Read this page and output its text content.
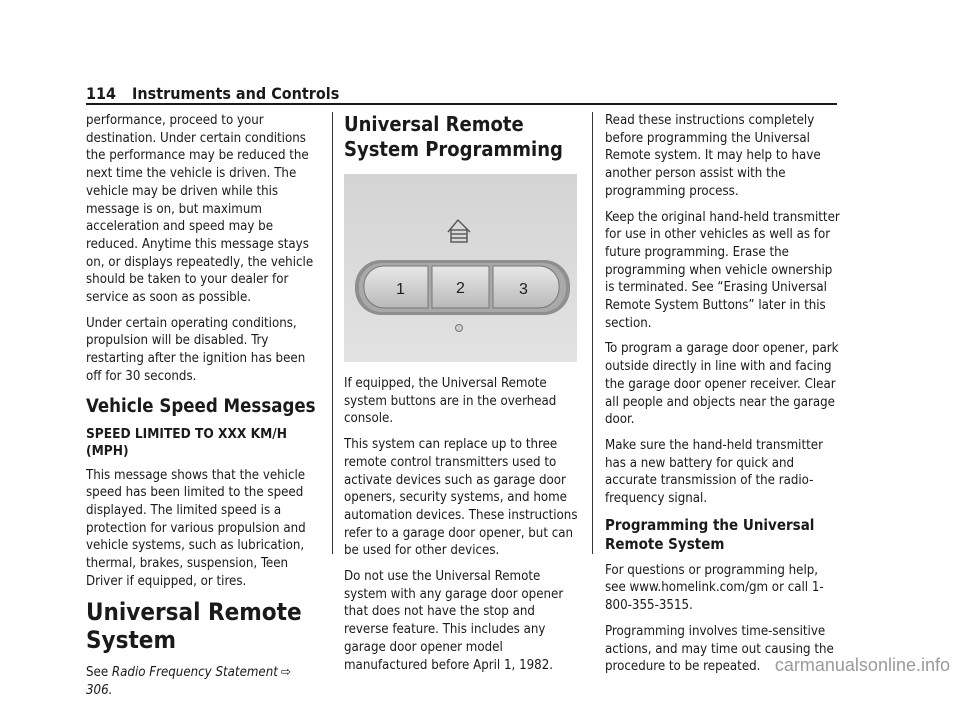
114 Instruments and Controls

performance, proceed to your destination. Under certain conditions the performance may be reduced the next time the vehicle is driven. The vehicle may be driven while this message is on, but maximum acceleration and speed may be reduced. Anytime this message stays on, or displays repeatedly, the vehicle should be taken to your dealer for service as soon as possible.

Under certain operating conditions, propulsion will be disabled. Try restarting after the ignition has been off for 30 seconds.

Vehicle Speed Messages
SPEED LIMITED TO XXX KM/H (MPH)

This message shows that the vehicle speed has been limited to the speed displayed. The limited speed is a protection for various propulsion and vehicle systems, such as lubrication, thermal, brakes, suspension, Teen Driver if equipped, or tires.

Universal Remote System

See Radio Frequency Statement ⇨ 306.

Universal Remote System Programming
1	2	3

If equipped, the Universal Remote system buttons are in the overhead console.

This system can replace up to three remote control transmitters used to activate devices such as garage door openers, security systems, and home automation devices. These instructions refer to a garage door opener, but can be used for other devices.

Do not use the Universal Remote system with any garage door opener that does not have the stop and reverse feature. This includes any garage door opener model manufactured before April 1, 1982.

Read these instructions completely before programming the Universal Remote system. It may help to have another person assist with the programming process.

Keep the original hand-held transmitter for use in other vehicles as well as for future programming. Erase the programming when vehicle ownership is terminated. See “Erasing Universal Remote System Buttons” later in this section.

To program a garage door opener, park outside directly in line with and facing the garage door opener receiver. Clear all people and objects near the garage door.

Make sure the hand-held transmitter has a new battery for quick and accurate transmission of the radio-frequency signal.

Programming the Universal Remote System

For questions or programming help, see www.homelink.com/gm or call 1-800-355-3515.

Programming involves time-sensitive actions, and may time out causing the procedure to be repeated. carmanualsonline.info
